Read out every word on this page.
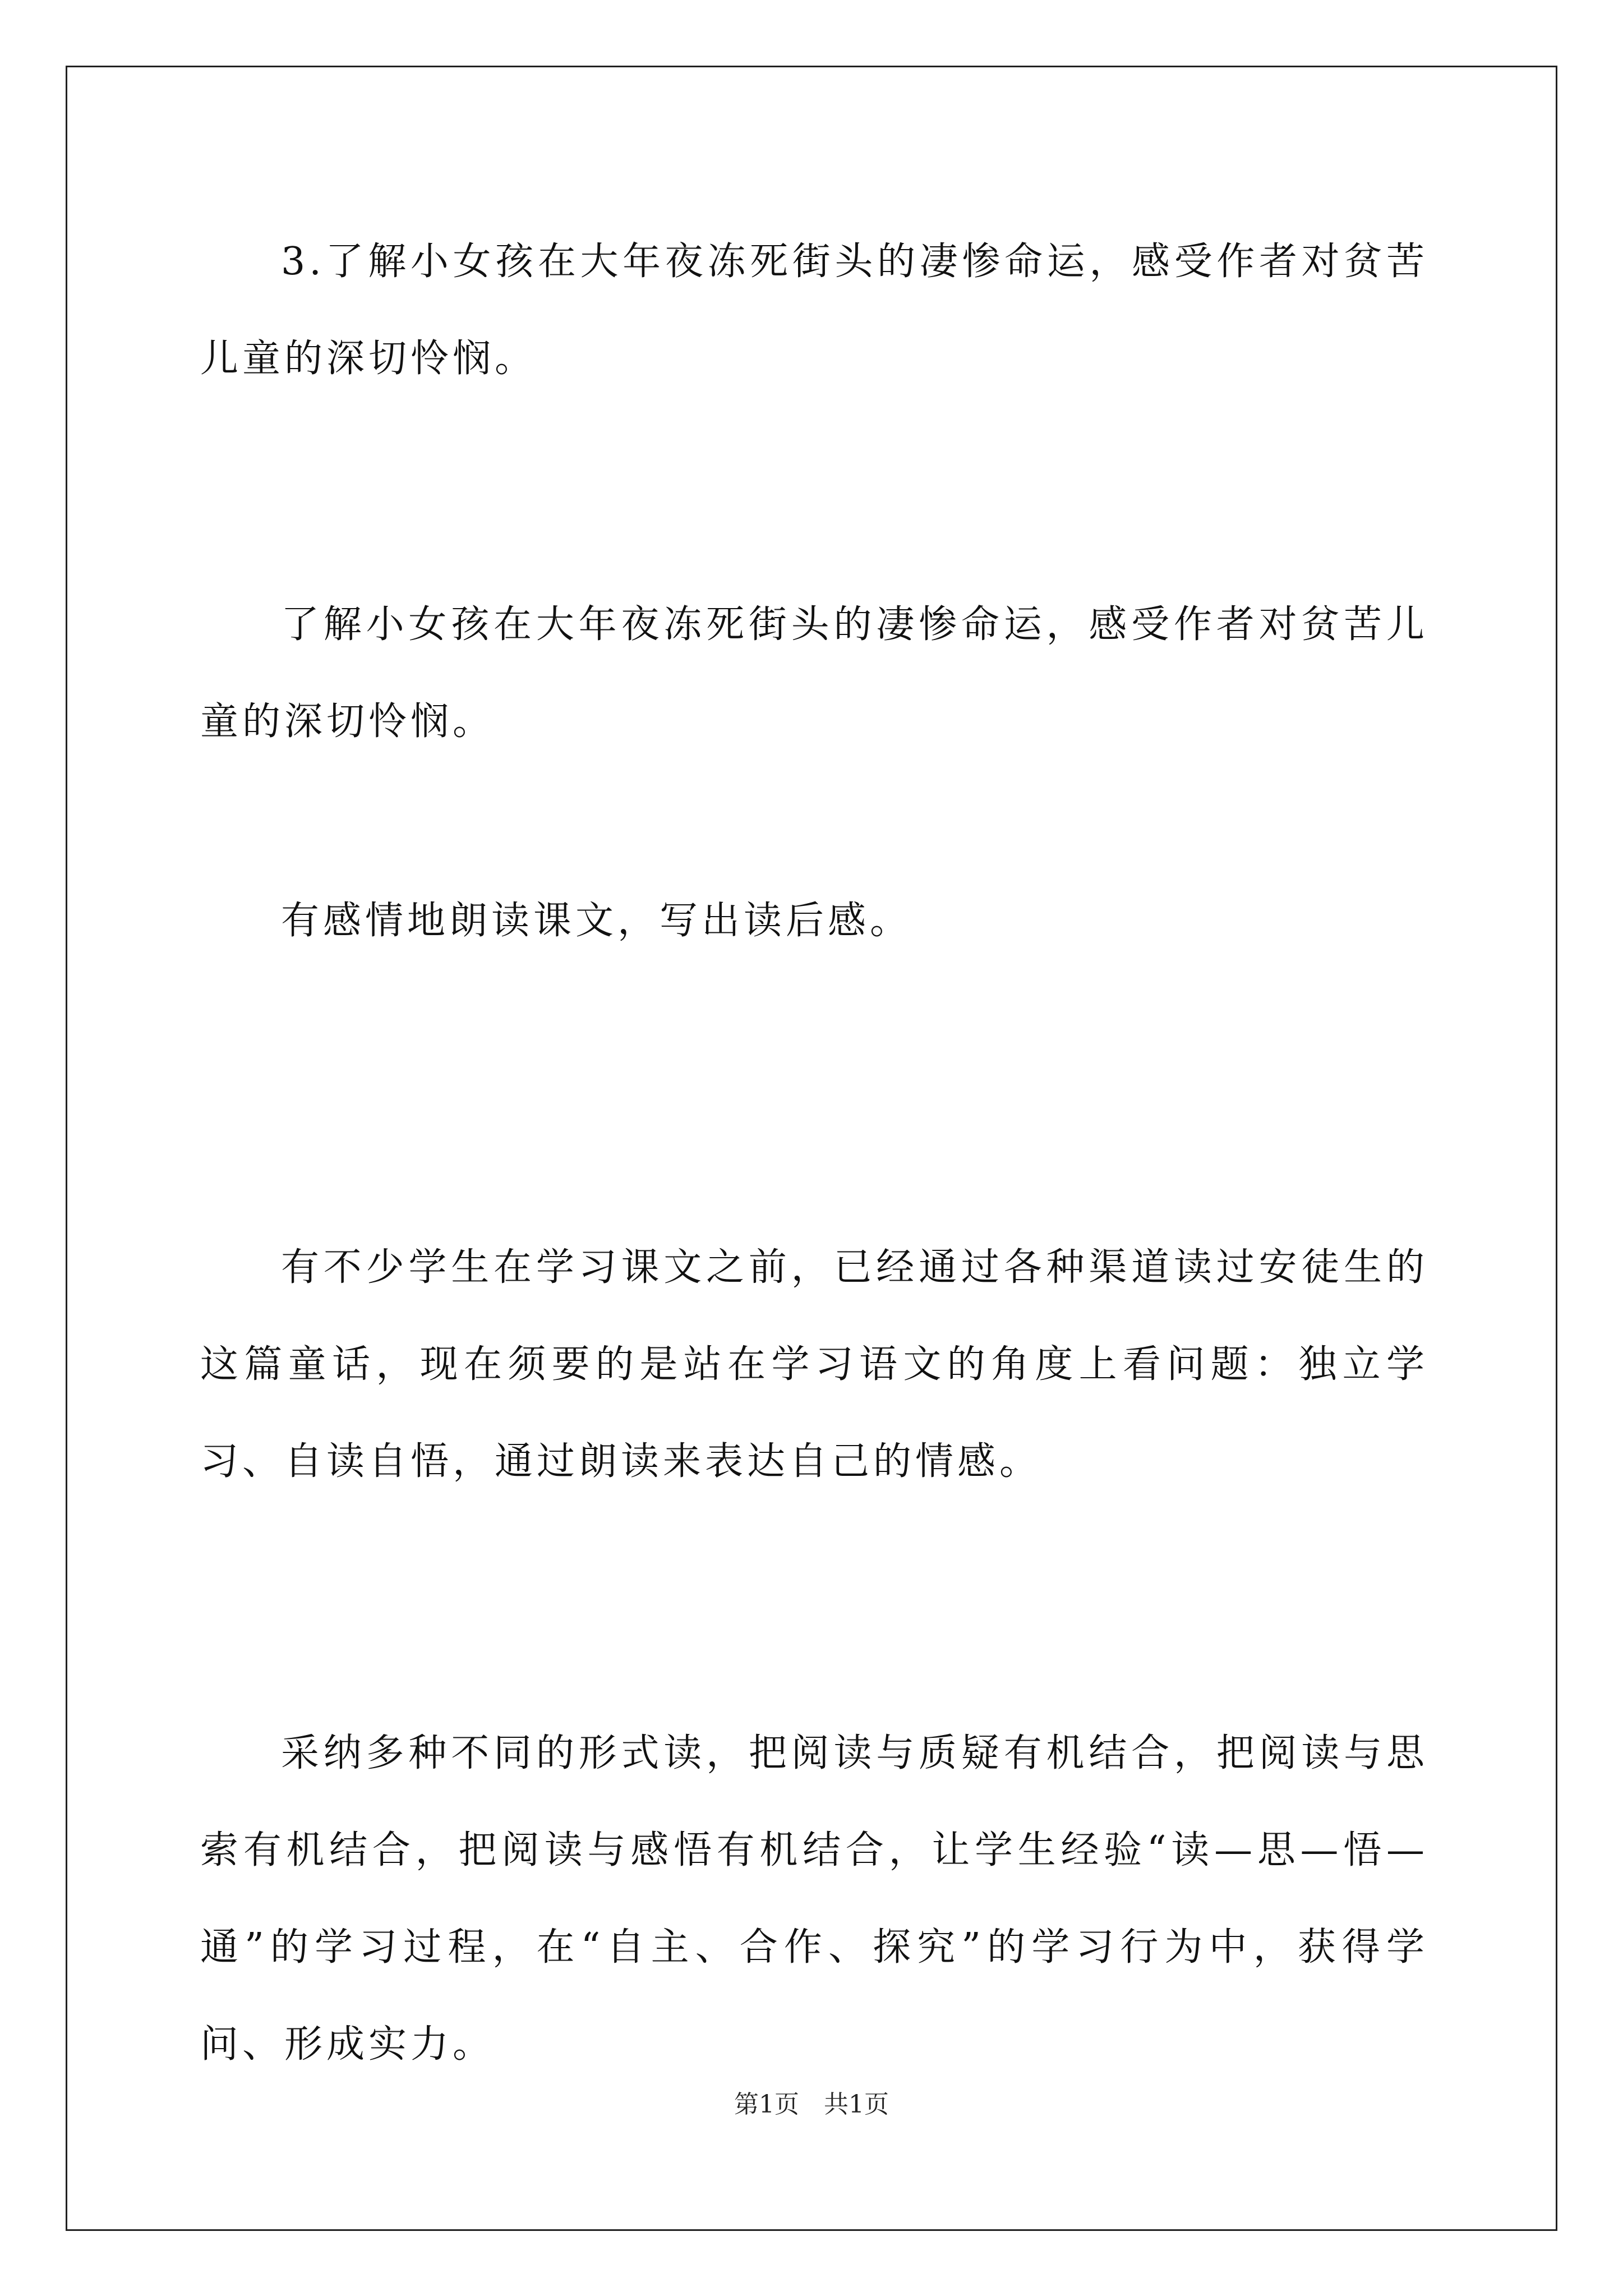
3.了解小女孩在大年夜冻死街头的凄惨命运，感受作者对贫苦儿童的深切怜悯。

了解小女孩在大年夜冻死街头的凄惨命运，感受作者对贫苦儿童的深切怜悯。

有感情地朗读课文，写出读后感。

有不少学生在学习课文之前，已经通过各种渠道读过安徒生的这篇童话，现在须要的是站在学习语文的角度上看问题：独立学习、自读自悟，通过朗读来表达自己的情感。

采纳多种不同的形式读，把阅读与质疑有机结合，把阅读与思索有机结合，把阅读与感悟有机结合，让学生经验“读—思—悟—通”的学习过程，在“自主、合作、探究”的学习行为中，获得学问、形成实力。

第1页　共1页
